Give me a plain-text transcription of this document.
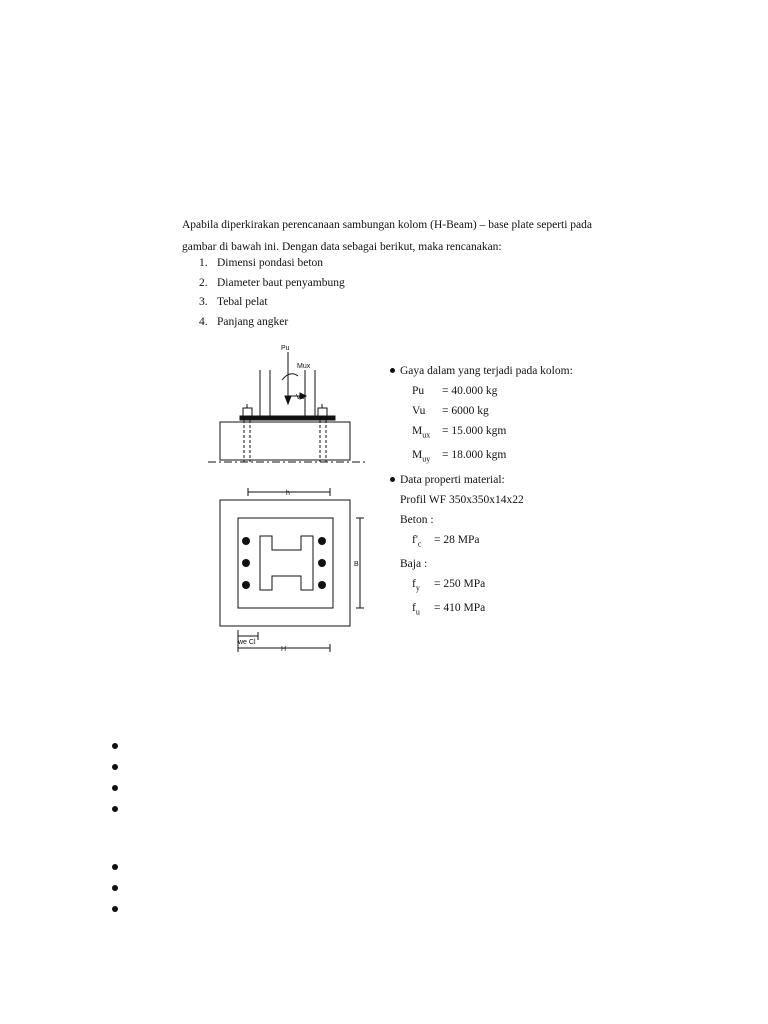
Apabila diperkirakan perencanaan sambungan kolom (H-Beam) – base plate seperti pada
gambar di bawah ini. Dengan data sebagai berikut, maka rencanakan:

1. Dimensi pondasi beton
2. Diameter baut penyambung
3. Tebal pelat
4. Panjang angker
Pu
Mux
Vu
h
B
H
we Cl
Gaya dalam yang terjadi pada kolom:
Pu = 40.000 kg
Vu = 6000 kg
$M_{ux} = 15.000$ kgm
$M_{uy} = 18.000$ kgm
Data properti material:
Profil WF 350x350x14x22
Beton :
$f'_c = 28$ MPa
Baja :
$f_y = 250$ MPa
$f_u = 410$ MPa
